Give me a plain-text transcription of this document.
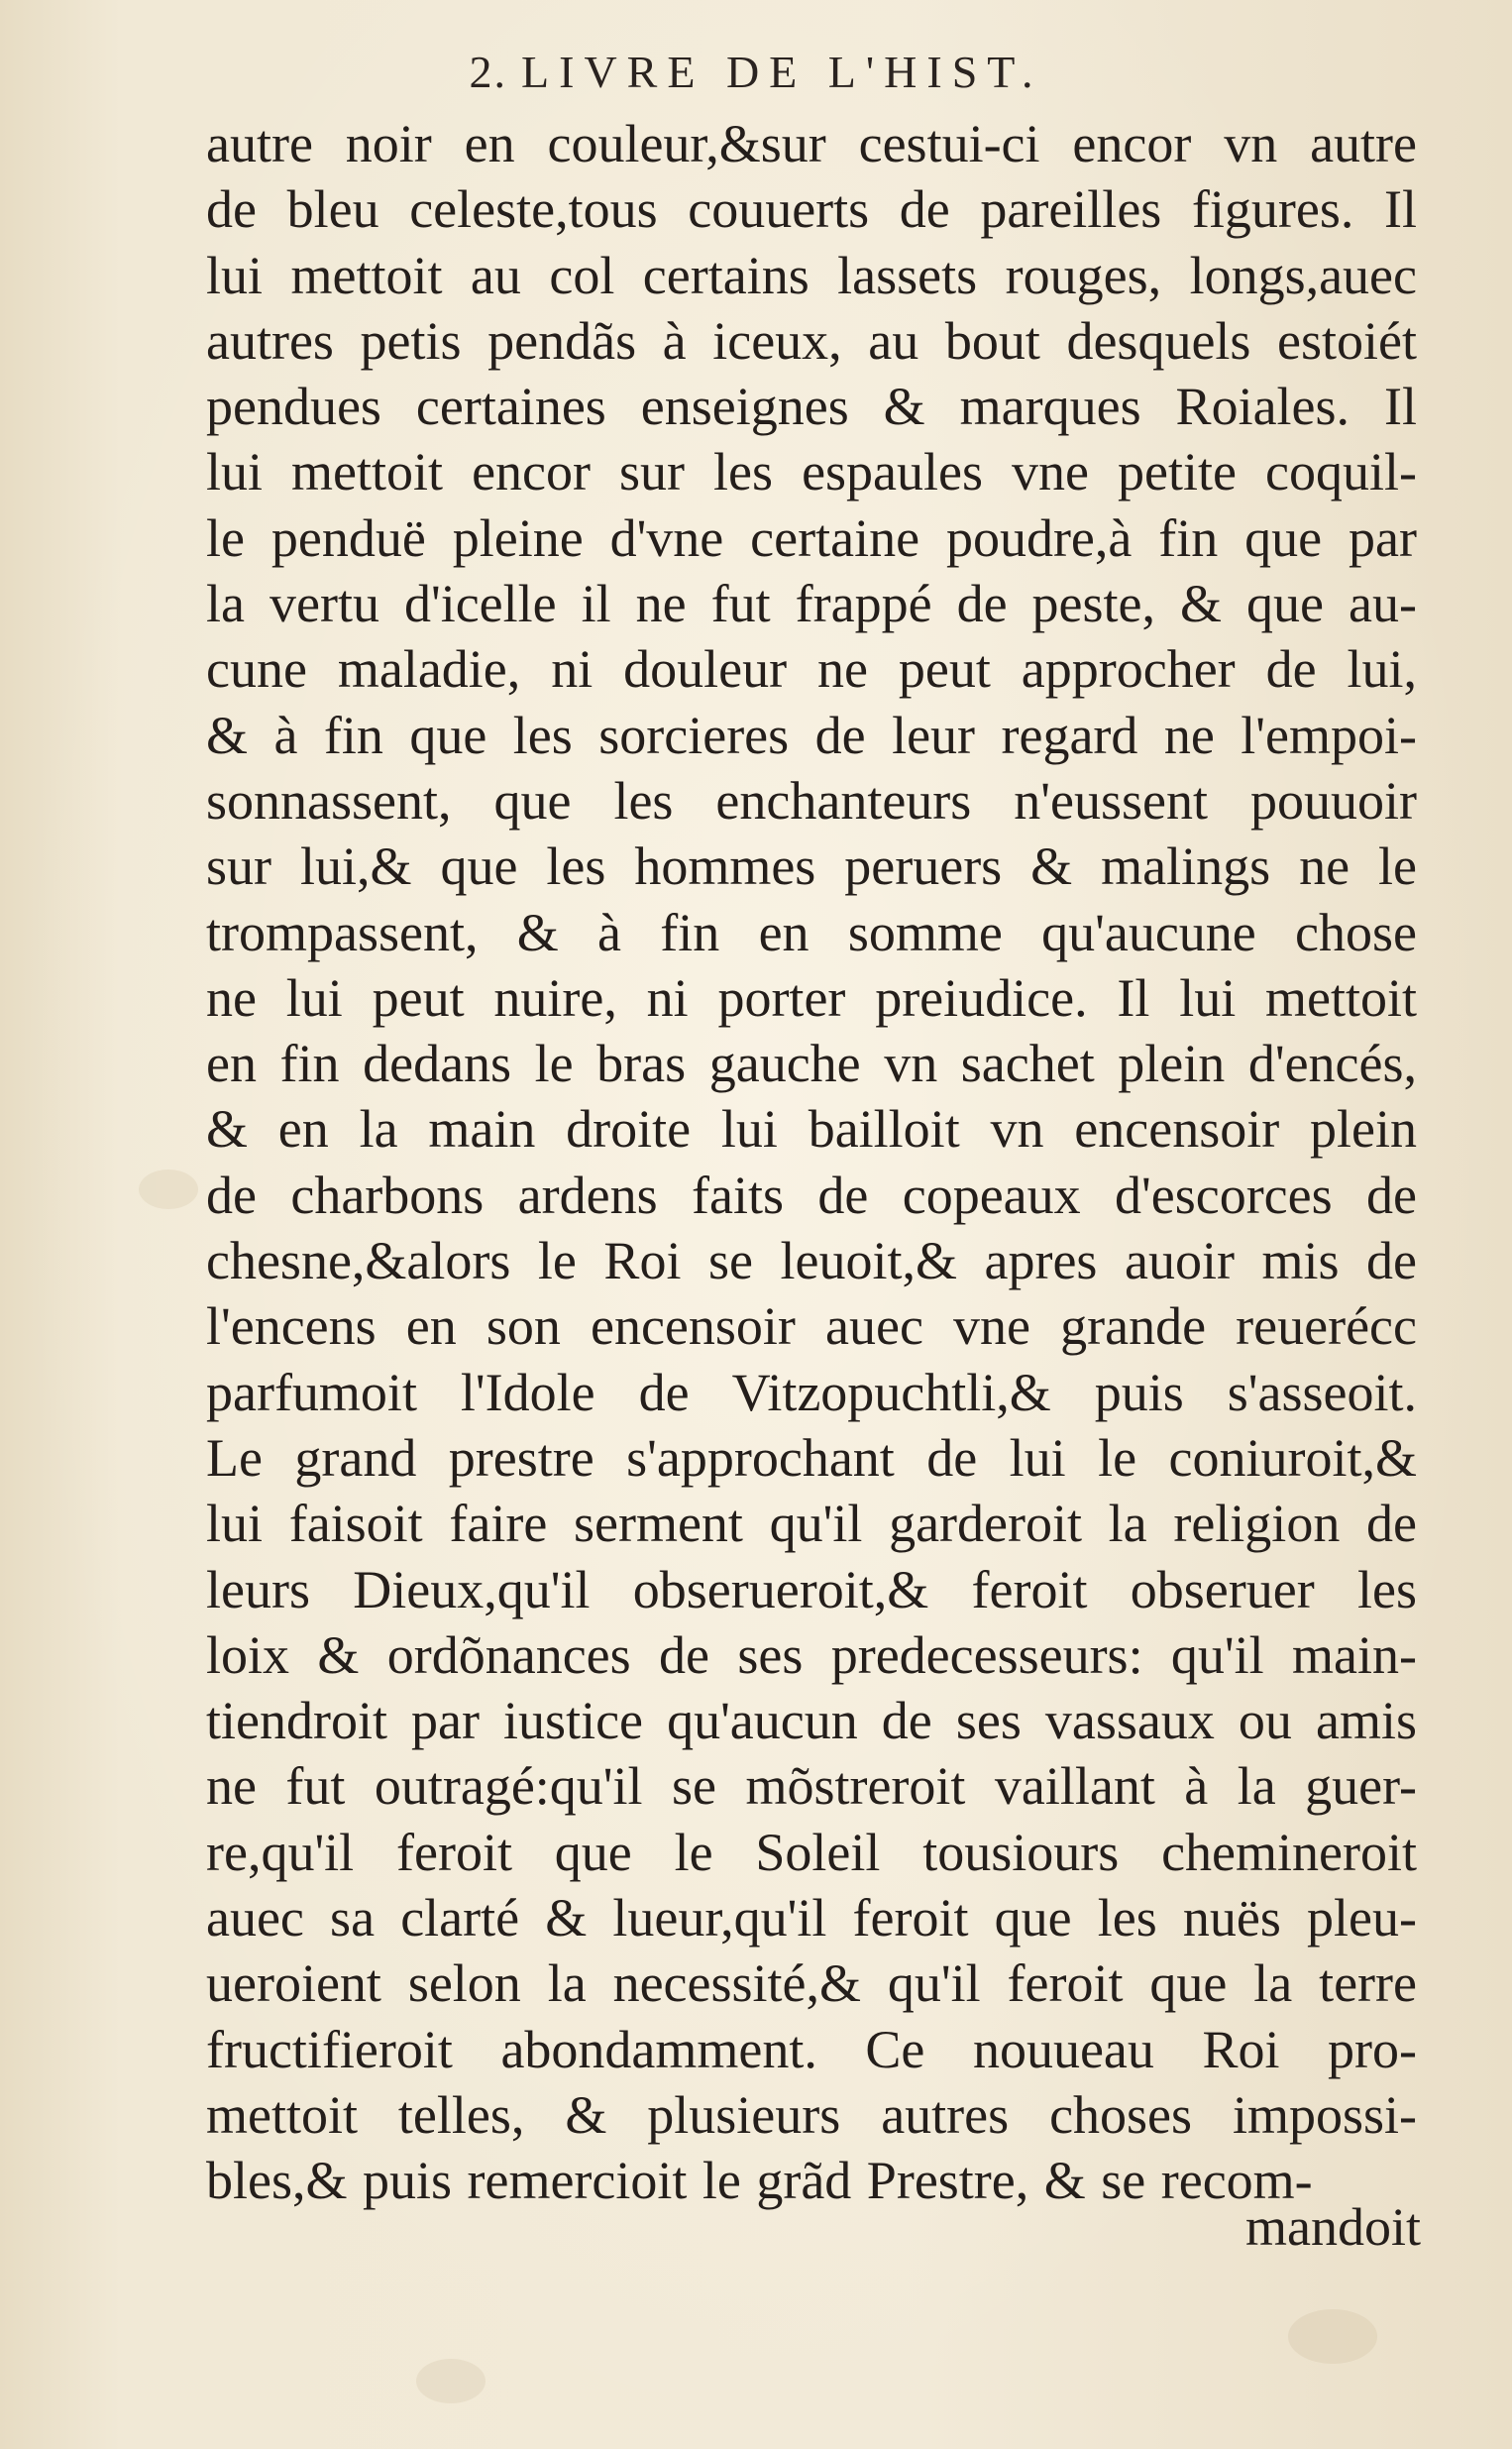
2. LIVRE DE L'HIST.
autre noir en couleur,&sur cestui-ci encor vn autre
de bleu celeste,tous couuerts de pareilles figures. Il
lui mettoit au col certains lassets rouges, longs,auec
autres petis pendãs à iceux, au bout desquels estoiét
pendues certaines enseignes & marques Roiales. Il
lui mettoit encor sur les espaules vne petite coquil-
le penduë pleine d'vne certaine poudre,à fin que par
la vertu d'icelle il ne fut frappé de peste, & que au-
cune maladie, ni douleur ne peut approcher de lui,
& à fin que les sorcieres de leur regard ne l'empoi-
sonnassent, que les enchanteurs n'eussent pouuoir
sur lui,& que les hommes peruers & malings ne le
trompassent, & à fin en somme qu'aucune chose
ne lui peut nuire, ni porter preiudice. Il lui mettoit
en fin dedans le bras gauche vn sachet plein d'encés,
& en la main droite lui bailloit vn encensoir plein
de charbons ardens faits de copeaux d'escorces de
chesne,&alors le Roi se leuoit,& apres auoir mis de
l'encens en son encensoir auec vne grande reuerécc
parfumoit l'Idole de Vitzopuchtli,& puis s'asseoit.
Le grand prestre s'approchant de lui le coniuroit,&
lui faisoit faire serment qu'il garderoit la religion de
leurs Dieux,qu'il obserueroit,& feroit obseruer les
loix & ordõnances de ses predecesseurs: qu'il main-
tiendroit par iustice qu'aucun de ses vassaux ou amis
ne fut outragé:qu'il se mõstreroit vaillant à la guer-
re,qu'il feroit que le Soleil tousiours chemineroit
auec sa clarté & lueur,qu'il feroit que les nuës pleu-
ueroient selon la necessité,& qu'il feroit que la terre
fructifieroit abondamment. Ce nouueau Roi pro-
mettoit telles, & plusieurs autres choses impossi-
bles,& puis remercioit le grãd Prestre, & se recom-
mandoit
